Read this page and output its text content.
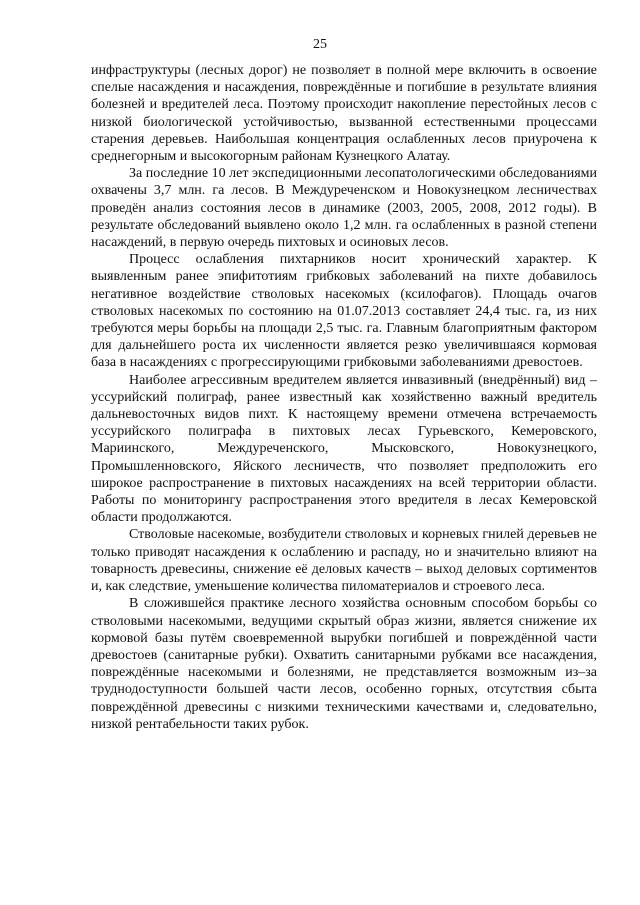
25

инфраструктуры (лесных дорог) не позволяет в полной мере включить в освоение спелые насаждения и насаждения, повреждённые и погибшие в результате влияния болезней и вредителей леса. Поэтому происходит накопление перестойных лесов с низкой биологической устойчивостью, вызванной естественными процессами старения деревьев. Наибольшая концентрация ослабленных лесов приурочена к среднегорным и высокогорным районам Кузнецкого Алатау.

За последние 10 лет экспедиционными лесопатологическими обследованиями охвачены 3,7 млн. га лесов. В Междуреченском и Новокузнецком лесничествах проведён анализ состояния лесов в динамике (2003, 2005, 2008, 2012 годы). В результате обследований выявлено около 1,2 млн. га ослабленных в разной степени насаждений, в первую очередь пихтовых и осиновых лесов.

Процесс ослабления пихтарников носит хронический характер. К выявленным ранее эпифитотиям грибковых заболеваний на пихте добавилось негативное воздействие стволовых насекомых (ксилофагов). Площадь очагов стволовых насекомых по состоянию на 01.07.2013 составляет 24,4 тыс. га, из них требуются меры борьбы на площади 2,5 тыс. га. Главным благоприятным фактором для дальнейшего роста их численности является резко увеличившаяся кормовая база в насаждениях с прогрессирующими грибковыми заболеваниями древостоев.

Наиболее агрессивным вредителем является инвазивный (внедрённый) вид – уссурийский полиграф, ранее известный как хозяйственно важный вредитель дальневосточных видов пихт. К настоящему времени отмечена встречаемость уссурийского полиграфа в пихтовых лесах Гурьевского, Кемеровского, Мариинского, Междуреченского, Мысковского, Новокузнецкого, Промышленновского, Яйского лесничеств, что позволяет предположить его широкое распространение в пихтовых насаждениях на всей территории области. Работы по мониторингу распространения этого вредителя в лесах Кемеровской области продолжаются.

Стволовые насекомые, возбудители стволовых и корневых гнилей деревьев не только приводят насаждения к ослаблению и распаду, но и значительно влияют на товарность древесины, снижение её деловых качеств – выход деловых сортиментов и, как следствие, уменьшение количества пиломатериалов и строевого леса.

В сложившейся практике лесного хозяйства основным способом борьбы со стволовыми насекомыми, ведущими скрытый образ жизни, является снижение их кормовой базы путём своевременной вырубки погибшей и повреждённой части древостоев (санитарные рубки). Охватить санитарными рубками все насаждения, повреждённые насекомыми и болезнями, не представляется возможным из–за труднодоступности большей части лесов, особенно горных, отсутствия сбыта повреждённой древесины с низкими техническими качествами и, следовательно, низкой рентабельности таких рубок.
